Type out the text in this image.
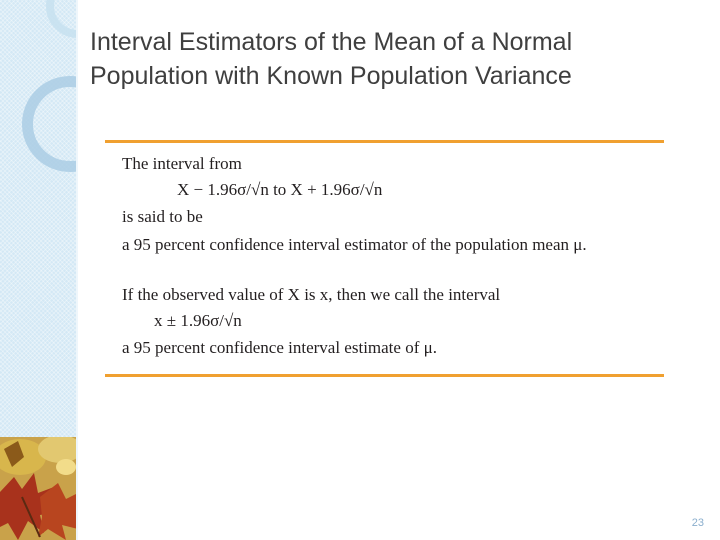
Interval Estimators of the Mean of a Normal
Population with Known Population Variance
The interval from
X − 1.96σ/√n to X + 1.96σ/√n
is said to be
a 95 percent confidence interval estimator of the population mean μ.
If the observed value of X is x, then we call the interval
x ± 1.96σ/√n
a 95 percent confidence interval estimate of μ.
23
